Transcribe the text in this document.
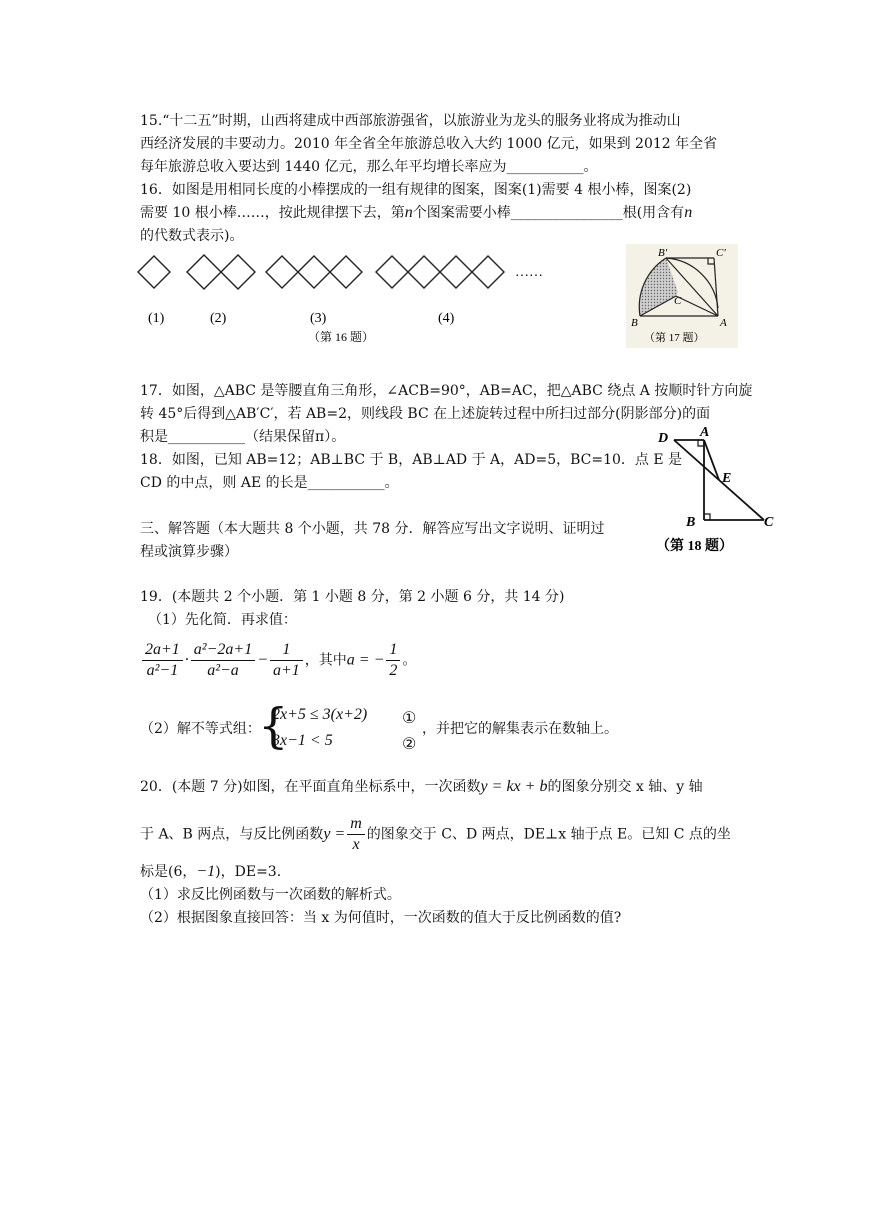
15.“十二五”时期，山西将建成中西部旅游强省，以旅游业为龙头的服务业将成为推动山
西经济发展的丰要动力。2010 年全省全年旅游总收入大约 1000 亿元，如果到 2012 年全省
每年旅游总收入要达到 1440 亿元，那么年平均增长率应为___________。
16．如图是用相同长度的小棒摆成的一组有规律的图案，图案(1)需要 4 根小棒，图案(2)
需要 10 根小棒……，按此规律摆下去，第n个图案需要小棒________________根(用含有n
的代数式表示)。
……
(1)	(2)	(3)	(4)
（第 16 题）
B′	C′
C
B	A
（第 17 题）
17．如图，△ABC 是等腰直角三角形，∠ACB=90°，AB=AC，把△ABC 绕点 A 按顺时针方向旋
转 45°后得到△AB′C′，若 AB=2，则线段 BC 在上述旋转过程中所扫过部分(阴影部分)的面
积是___________（结果保留π）。
18．如图，已知 AB=12；AB⊥BC 于 B，AB⊥AD 于 A，AD=5，BC=10．点 E 是
CD 的中点，则 AE 的长是___________。
D A
E
B	C
（第 18 题）
三、解答题（本大题共 8 个小题，共 78 分．解答应写出文字说明、证明过
程或演算步骤）
19．(本题共 2 个小题．第 1 小题 8 分，第 2 小题 6 分，共 14 分)
（1）先化简．再求值：
$\frac{2a+1}{\text{a²−1}} \cdot \frac{\text{a²−2a+1}}{\text{a²−a}} - \frac{1}{a+1}$ ，其中a = − $\frac{1}{2}$ 。
（2）解不等式组：
{
2x+5 ≤ 3(x+2)
3x−1 < 5
①
②
，并把它的解集表示在数轴上。
20．(本题 7 分)如图，在平面直角坐标系中，一次函数y = kx + b的图象分别交 x 轴、y 轴
于 A、B 两点，与反比例函数$y = \frac{m}{x}$ 的图象交于 C、D 两点，DE⊥x 轴于点 E。已知 C 点的坐
标是(6，−1)，DE=3.
（1）求反比例函数与一次函数的解析式。
（2）根据图象直接回答：当 x 为何值时，一次函数的值大于反比例函数的值?
